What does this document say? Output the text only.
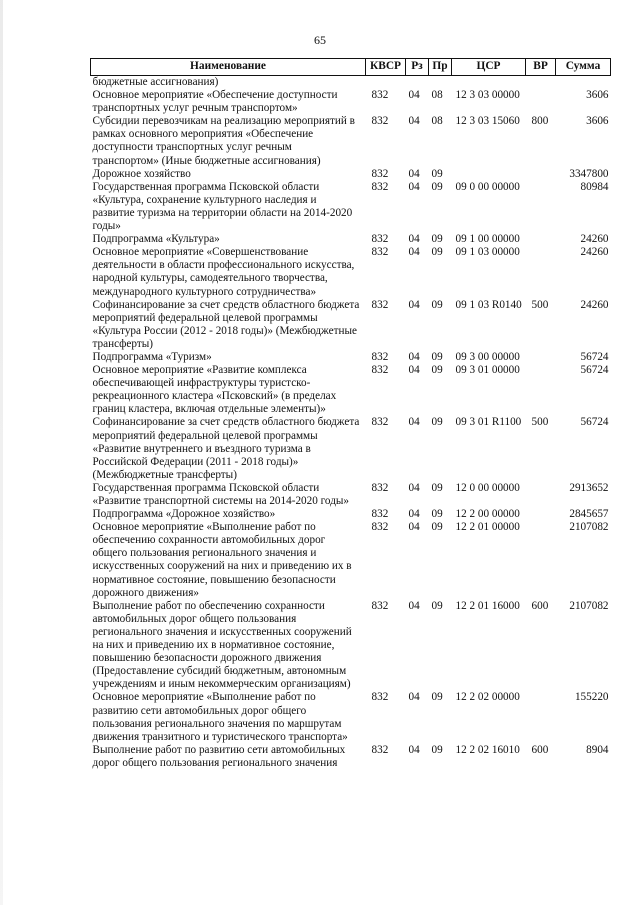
65
Наименование	КВСР	Рз	Пр	ЦСР	ВР	Сумма
бюджетные ассигнования)						
Основное мероприятие «Обеспечение доступности транспортных услуг речным транспортом»	832	04	08	12 3 03 00000		3606
Субсидии перевозчикам на реализацию мероприятий в рамках основного мероприятия «Обеспечение доступности транспортных услуг речным транспортом» (Иные бюджетные ассигнования)	832	04	08	12 3 03 15060	800	3606
Дорожное хозяйство	832	04	09			3347800
Государственная программа Псковской области «Культура, сохранение культурного наследия и развитие туризма на территории области на 2014-2020 годы»	832	04	09	09 0 00 00000		80984
Подпрограмма «Культура»	832	04	09	09 1 00 00000		24260
Основное мероприятие «Совершенствование деятельности в области профессионального искусства, народной культуры, самодеятельного творчества, международного культурного сотрудничества»	832	04	09	09 1 03 00000		24260
Софинансирование за счет средств областного бюджета мероприятий федеральной целевой программы «Культура России (2012 - 2018 годы)» (Межбюджетные трансферты)	832	04	09	09 1 03 R0140	500	24260
Подпрограмма «Туризм»	832	04	09	09 3 00 00000		56724
Основное мероприятие «Развитие комплекса обеспечивающей инфраструктуры туристско-рекреационного кластера «Псковский» (в пределах границ кластера, включая отдельные элементы)»	832	04	09	09 3 01 00000		56724
Софинансирование за счет средств областного бюджета мероприятий федеральной целевой программы «Развитие внутреннего и въездного туризма в Российской Федерации (2011 - 2018 годы)» (Межбюджетные трансферты)	832	04	09	09 3 01 R1100	500	56724
Государственная программа Псковской области «Развитие транспортной системы на 2014-2020 годы»	832	04	09	12 0 00 00000		2913652
Подпрограмма «Дорожное хозяйство»	832	04	09	12 2 00 00000		2845657
Основное мероприятие «Выполнение работ по обеспечению сохранности автомобильных дорог общего пользования регионального значения и искусственных сооружений на них и приведению их в нормативное состояние, повышению безопасности дорожного движения»	832	04	09	12 2 01 00000		2107082
Выполнение работ по обеспечению сохранности автомобильных дорог общего пользования регионального значения и искусственных сооружений на них и приведению их в нормативное состояние, повышению безопасности дорожного движения (Предоставление субсидий бюджетным, автономным учреждениям и иным некоммерческим организациям)	832	04	09	12 2 01 16000	600	2107082
Основное мероприятие «Выполнение работ по развитию сети автомобильных дорог общего пользования регионального значения по маршрутам движения транзитного и туристического транспорта»	832	04	09	12 2 02 00000		155220
Выполнение работ по развитию сети автомобильных дорог общего пользования регионального значения	832	04	09	12 2 02 16010	600	8904
